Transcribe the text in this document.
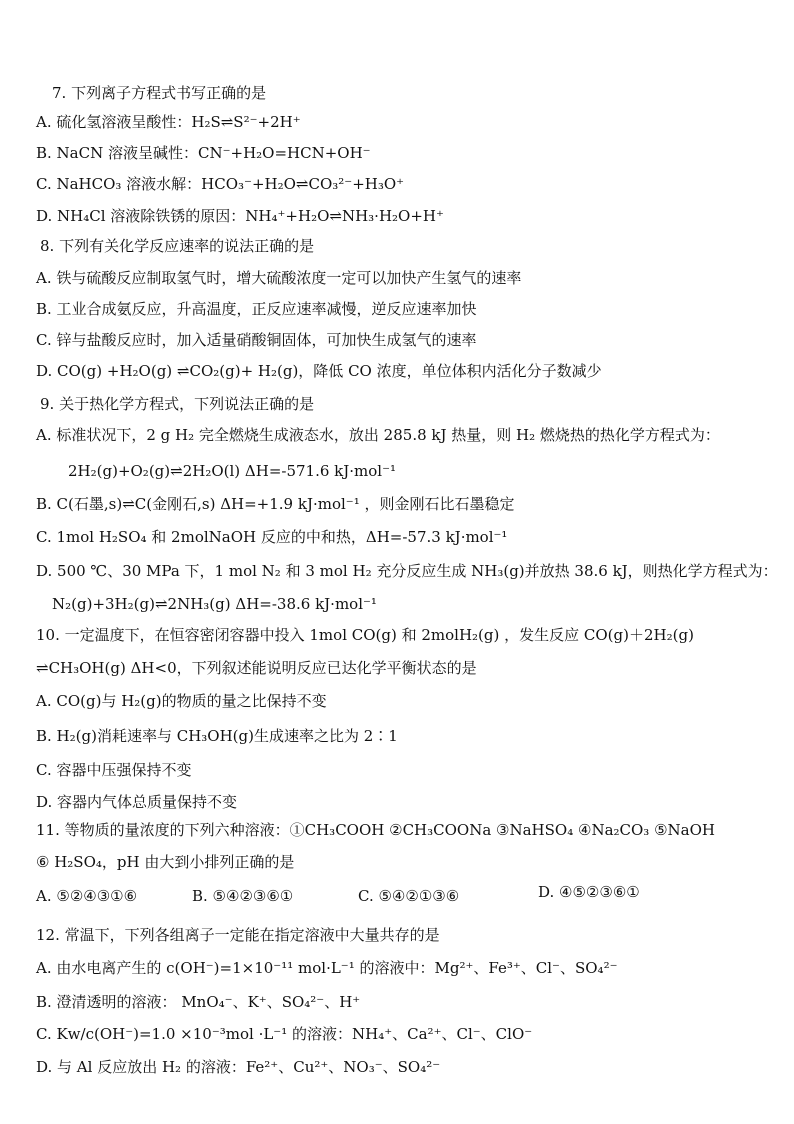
7. 下列离子方程式书写正确的是
A. 硫化氢溶液呈酸性：H₂S⇌S²⁻+2H⁺
B. NaCN 溶液呈碱性：CN⁻+H₂O=HCN+OH⁻
C. NaHCO₃ 溶液水解：HCO₃⁻+H₂O⇌CO₃²⁻+H₃O⁺
D. NH₄Cl 溶液除铁锈的原因：NH₄⁺+H₂O⇌NH₃·H₂O+H⁺
8. 下列有关化学反应速率的说法正确的是
A. 铁与硫酸反应制取氢气时，增大硫酸浓度一定可以加快产生氢气的速率
B. 工业合成氨反应，升高温度，正反应速率减慢，逆反应速率加快
C. 锌与盐酸反应时，加入适量硝酸铜固体，可加快生成氢气的速率
D. CO(g) +H₂O(g) ⇌CO₂(g)+ H₂(g)，降低 CO 浓度，单位体积内活化分子数减少
9. 关于热化学方程式，下列说法正确的是
A. 标准状况下，2 g H₂ 完全燃烧生成液态水，放出 285.8 kJ 热量，则 H₂ 燃烧热的热化学方程式为：
2H₂(g)+O₂(g)⇌2H₂O(l) ΔH=-571.6 kJ·mol⁻¹
B. C(石墨,s)⇌C(金刚石,s) ΔH=+1.9 kJ·mol⁻¹ ，则金刚石比石墨稳定
C. 1mol H₂SO₄ 和 2molNaOH 反应的中和热，ΔH=-57.3 kJ·mol⁻¹
D. 500 ℃、30 MPa 下，1 mol N₂ 和 3 mol H₂ 充分反应生成 NH₃(g)并放热 38.6 kJ，则热化学方程式为：
N₂(g)+3H₂(g)⇌2NH₃(g) ΔH=-38.6 kJ·mol⁻¹
10. 一定温度下，在恒容密闭容器中投入 1mol CO(g) 和 2molH₂(g) ，发生反应 CO(g)＋2H₂(g)
⇌CH₃OH(g) ΔH<0，下列叙述能说明反应已达化学平衡状态的是
A. CO(g)与 H₂(g)的物质的量之比保持不变
B. H₂(g)消耗速率与 CH₃OH(g)生成速率之比为 2∶1
C. 容器中压强保持不变
D. 容器内气体总质量保持不变
11. 等物质的量浓度的下列六种溶液：①CH₃COOH ②CH₃COONa ③NaHSO₄ ④Na₂CO₃ ⑤NaOH
⑥ H₂SO₄，pH 由大到小排列正确的是
A. ⑤②④③①⑥	B. ⑤④②③⑥①	C. ⑤④②①③⑥	D. ④⑤②③⑥①
12. 常温下，下列各组离子一定能在指定溶液中大量共存的是
A. 由水电离产生的 c(OH⁻)=1×10⁻¹¹ mol·L⁻¹ 的溶液中：Mg²⁺、Fe³⁺、Cl⁻、SO₄²⁻
B. 澄清透明的溶液： MnO₄⁻、K⁺、SO₄²⁻、H⁺
C. Kw/c(OH⁻)=1.0 ×10⁻³mol ·L⁻¹ 的溶液：NH₄⁺、Ca²⁺、Cl⁻、ClO⁻
D. 与 Al 反应放出 H₂ 的溶液：Fe²⁺、Cu²⁺、NO₃⁻、SO₄²⁻
